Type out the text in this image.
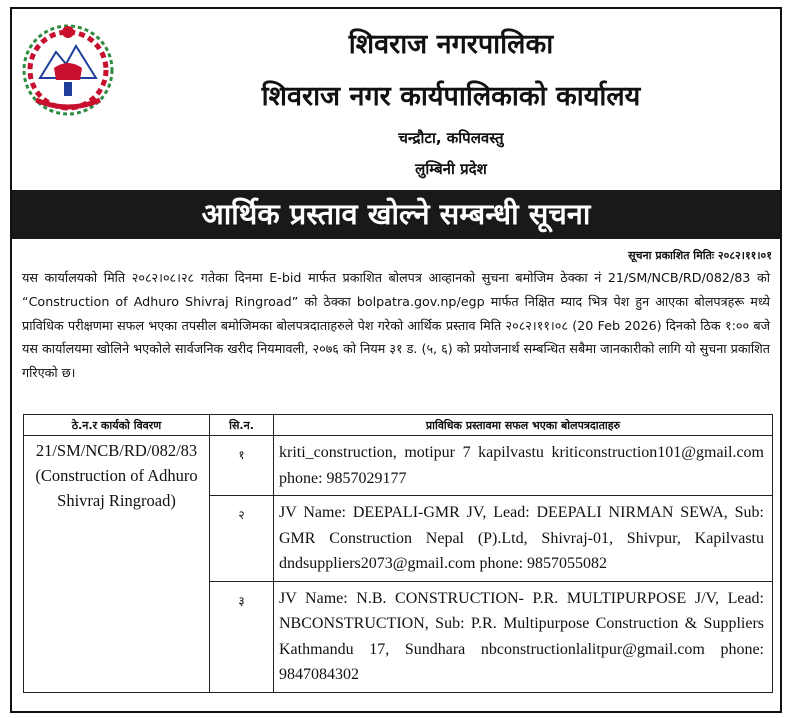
शिवराज नगरपालिका
शिवराज नगर कार्यपालिकाको कार्यालय
चन्द्रौटा, कपिलवस्तु
लुम्बिनी प्रदेश
आर्थिक प्रस्ताव खोल्ने सम्बन्धी सूचना
सूचना प्रकाशित मितिः २०८२।११।०१
यस कार्यालयको मिति २०८२।०८।२८ गतेका दिनमा E-bid मार्फत प्रकाशित बोलपत्र आव्हानको सुचना बमोजिम ठेक्का नं 21/SM/NCB/RD/082/83 को “Construction of Adhuro Shivraj Ringroad” को ठेक्का bolpatra.gov.np/egp मार्फत निक्षित म्याद भित्र पेश हुन आएका बोलपत्रहरू मध्ये प्राविधिक परीक्षणमा सफल भएका तपसील बमोजिमका बोलपत्रदाताहरुले पेश गरेको आर्थिक प्रस्ताव मिति २०८२।११।०८ (20 Feb 2026) दिनको ठिक १:०० बजे यस कार्यालयमा खोलिने भएकोले सार्वजनिक खरीद नियमावली, २०७६ को नियम ३१ ड. (५, ६) को प्रयोजनार्थ सम्बन्धित सबैमा जानकारीको लागि यो सुचना प्रकाशित गरिएको छ।
ठे.न.र कार्यको विवरण	सि.न.	प्राविधिक प्रस्तावमा सफल भएका बोलपत्रदाताहरु
21/SM/NCB/RD/082/83 (Construction of Adhuro Shivraj Ringroad)	१	kriti_construction, motipur 7 kapilvastu kriticonstruction101@gmail.com phone: 9857029177
	२	JV Name: DEEPALI-GMR JV, Lead: DEEPALI NIRMAN SEWA, Sub: GMR Construction Nepal (P).Ltd, Shivraj-01, Shivpur, Kapilvastu dndsuppliers2073@gmail.com phone: 9857055082
	३	JV Name: N.B. CONSTRUCTION- P.R. MULTIPURPOSE J/V, Lead: NBCONSTRUCTION, Sub: P.R. Multipurpose Construction & Suppliers Kathmandu 17, Sundhara nbconstructionlalitpur@gmail.com phone: 9847084302
